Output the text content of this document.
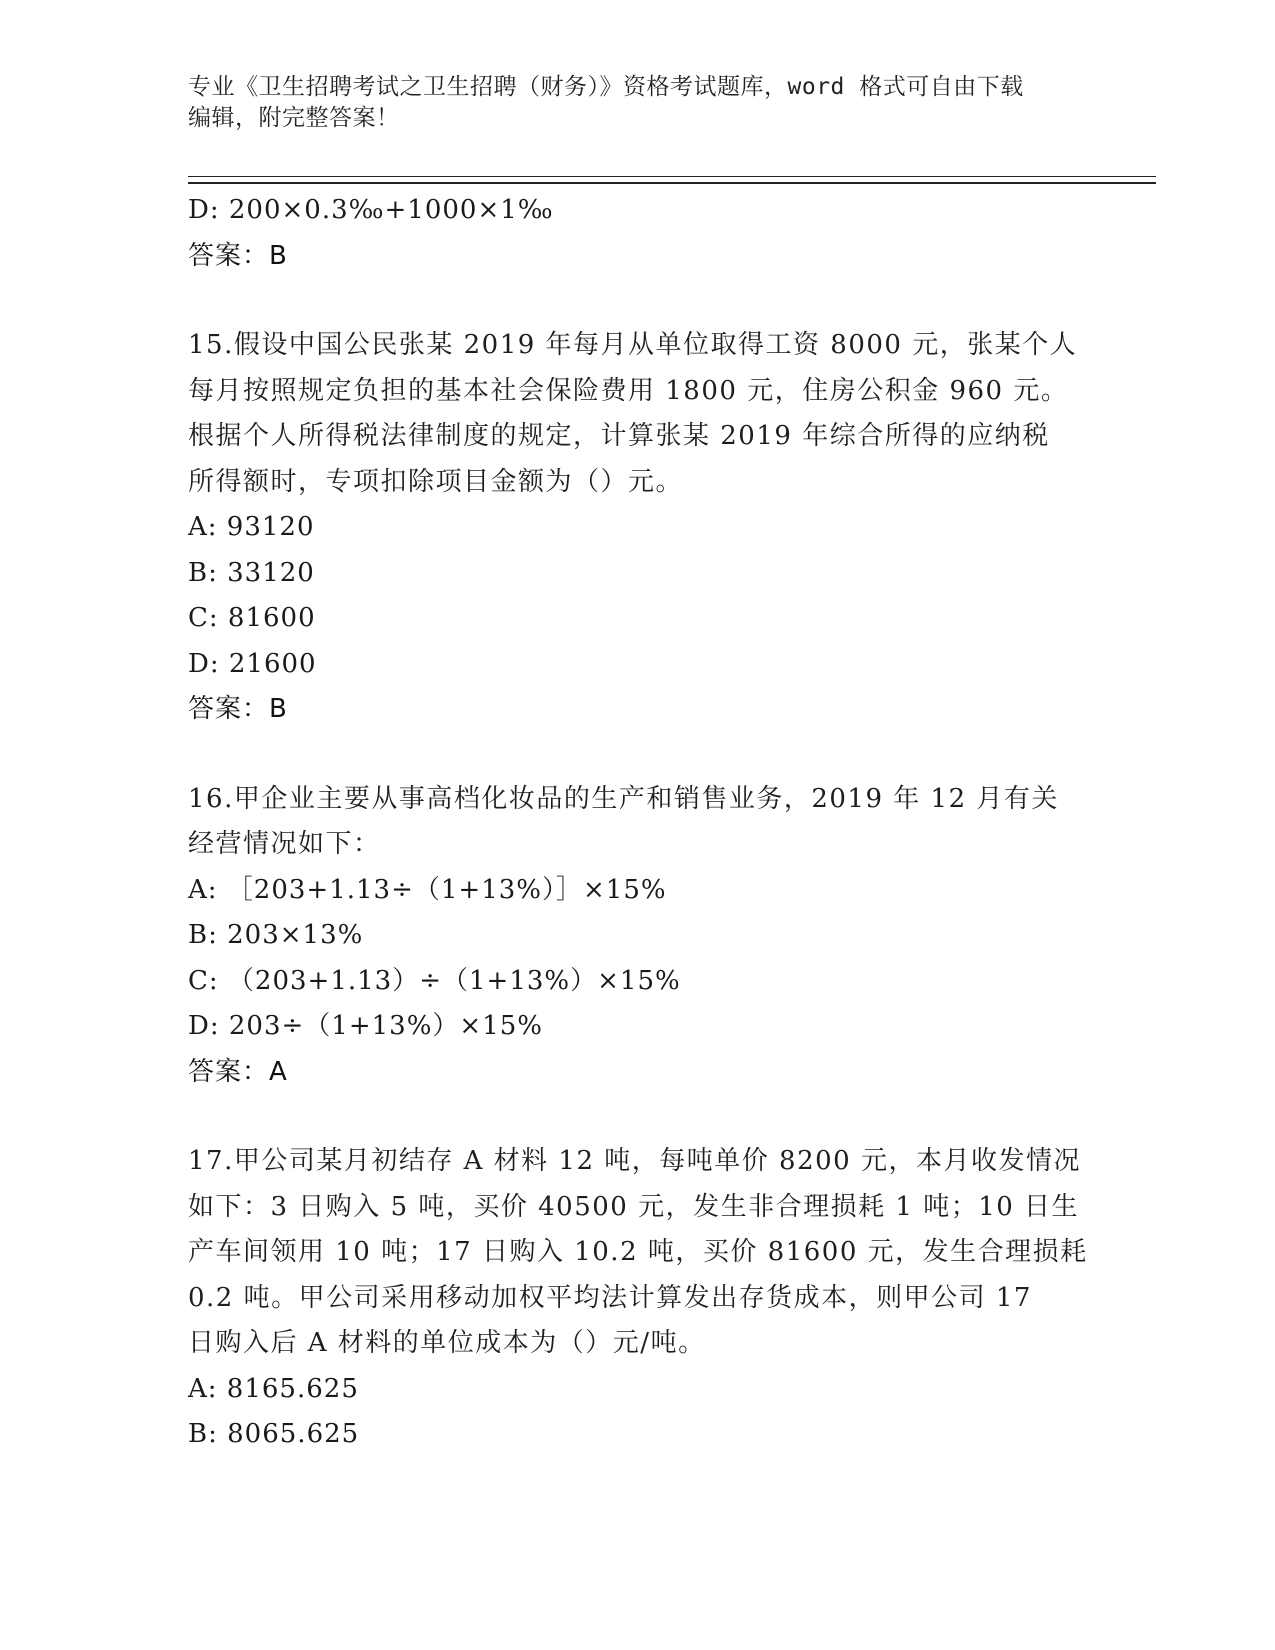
专业《卫生招聘考试之卫生招聘（财务）》资格考试题库，word 格式可自由下载
编辑，附完整答案！
D: 200×0.3‰+1000×1‰
答案：B
15.假设中国公民张某 2019 年每月从单位取得工资 8000 元，张某个人
每月按照规定负担的基本社会保险费用 1800 元，住房公积金 960 元。
根据个人所得税法律制度的规定，计算张某 2019 年综合所得的应纳税
所得额时，专项扣除项目金额为（）元。
A: 93120
B: 33120
C: 81600
D: 21600
答案：B
16.甲企业主要从事高档化妆品的生产和销售业务，2019 年 12 月有关
经营情况如下：
A: ［203+1.13÷（1+13%）］×15%
B: 203×13%
C: （203+1.13）÷（1+13%）×15%
D: 203÷（1+13%）×15%
答案：A
17.甲公司某月初结存 A 材料 12 吨，每吨单价 8200 元，本月收发情况
如下：3 日购入 5 吨，买价 40500 元，发生非合理损耗 1 吨；10 日生
产车间领用 10 吨；17 日购入 10.2 吨，买价 81600 元，发生合理损耗
0.2 吨。甲公司采用移动加权平均法计算发出存货成本，则甲公司 17
日购入后 A 材料的单位成本为（）元/吨。
A: 8165.625
B: 8065.625
